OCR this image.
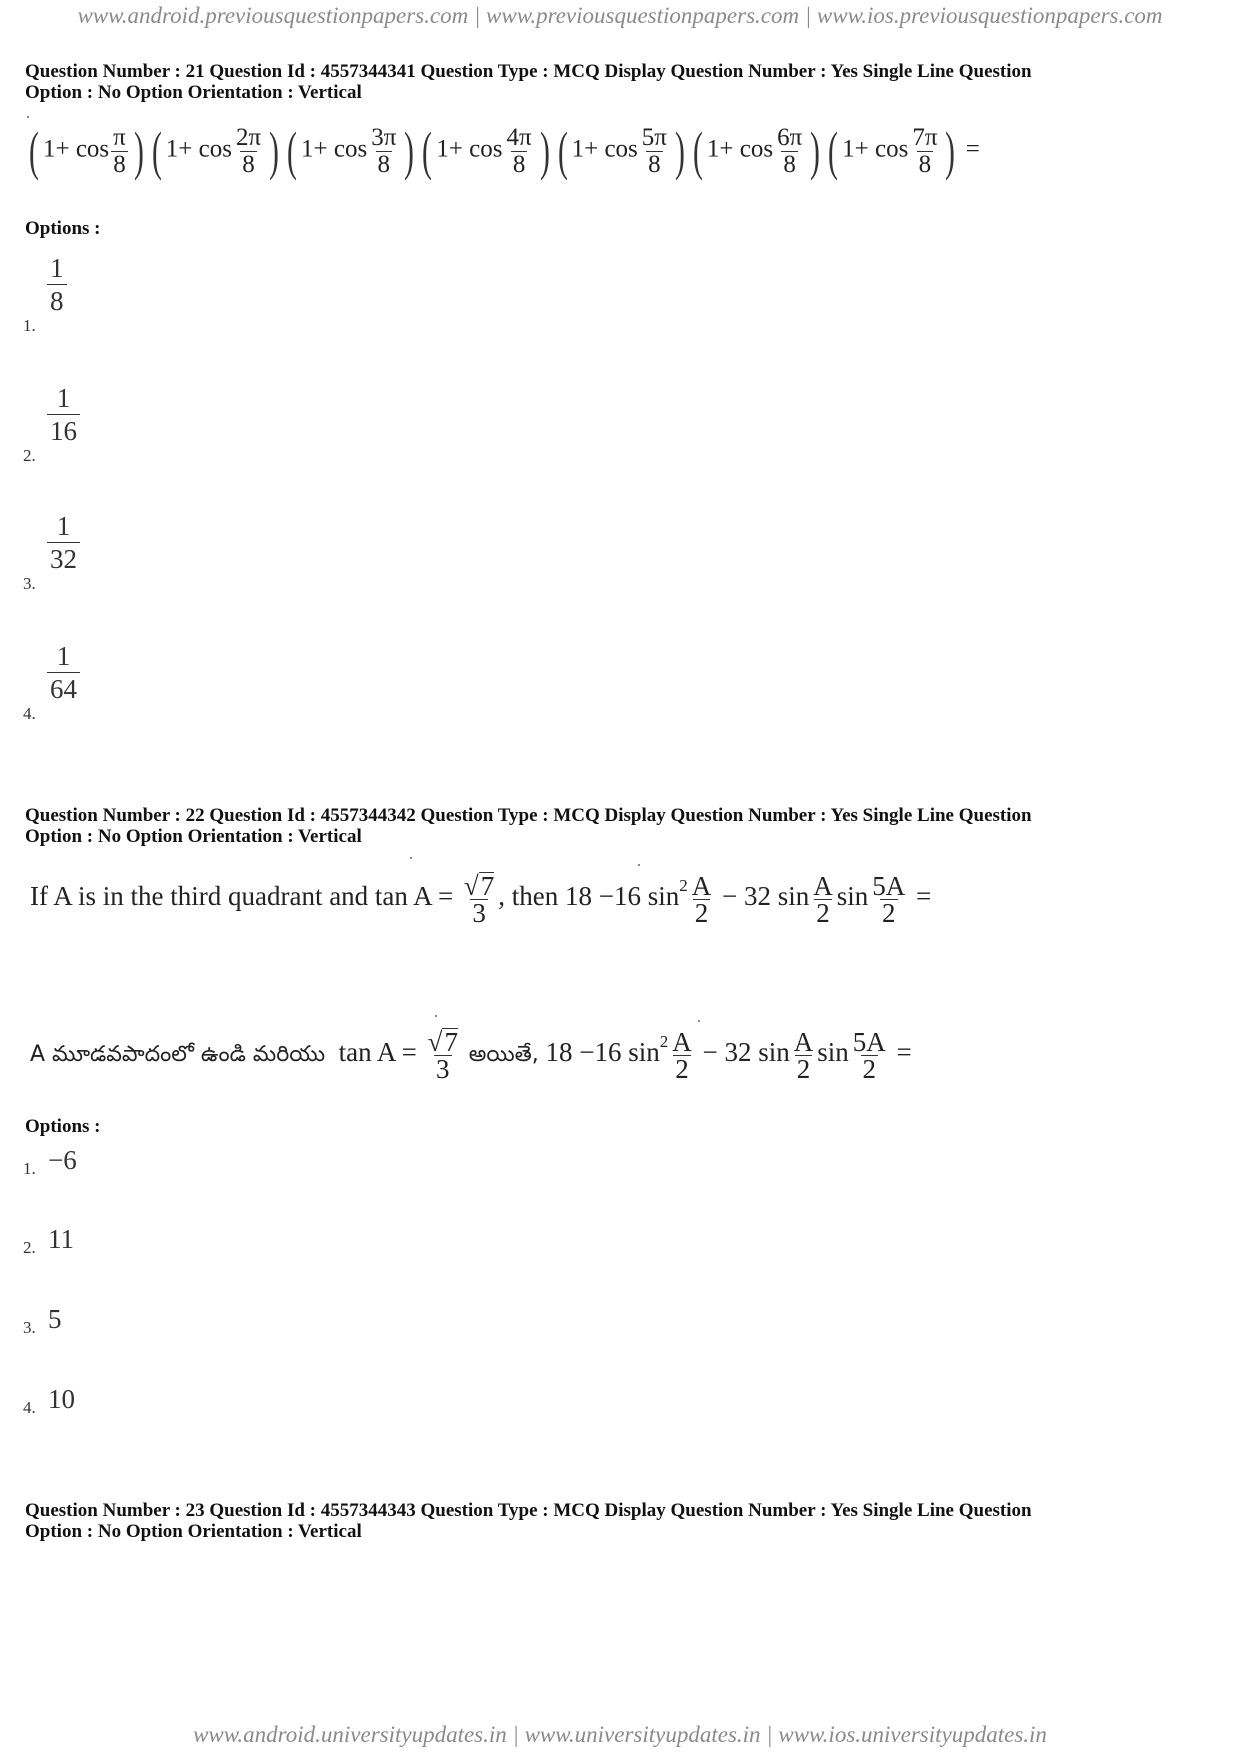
www.android.previousquestionpapers.com | www.previousquestionpapers.com | www.ios.previousquestionpapers.com
Question Number : 21 Question Id : 4557344341 Question Type : MCQ Display Question Number : Yes Single Line Question
Option : No Option Orientation : Vertical
( $1+ \cos \frac{\pi}{8}$ ) ( $1+ \cos \frac{2\pi}{8}$ ) ( $1+ \cos \frac{3\pi}{8}$ ) ( $1+ \cos \frac{4\pi}{8}$ ) ( $1+ \cos \frac{5\pi}{8}$ ) ( $1+ \cos \frac{6\pi}{8}$ ) ( $1+ \cos \frac{7\pi}{8}$ ) =
Options :
1.
$\frac{1}{8}$
2.
$\frac{1}{16}$
3.
$\frac{1}{32}$
4.
$\frac{1}{64}$
Question Number : 22 Question Id : 4557344342 Question Type : MCQ Display Question Number : Yes Single Line Question
Option : No Option Orientation : Vertical
If A is in the third quadrant and $\tan A = \frac{√7}{3}$ , then 18 −16 $\sin^2 \frac{A}{2} - 32$ $\sin \frac{A}{2}$ $\sin \frac{5A}{2}$ =
A మూడవపాదంలో ఉండి మరియు $\tan A = \frac{√7}{3}$ అయితే, 18 −16 $\sin^2 \frac{A}{2} - 32$ $\sin \frac{A}{2}$ $\sin \frac{5A}{2}$ =
Options :
1. −6
2. 11
3. 5
4. 10
Question Number : 23 Question Id : 4557344343 Question Type : MCQ Display Question Number : Yes Single Line Question
Option : No Option Orientation : Vertical
www.android.universityupdates.in | www.universityupdates.in | www.ios.universityupdates.in
